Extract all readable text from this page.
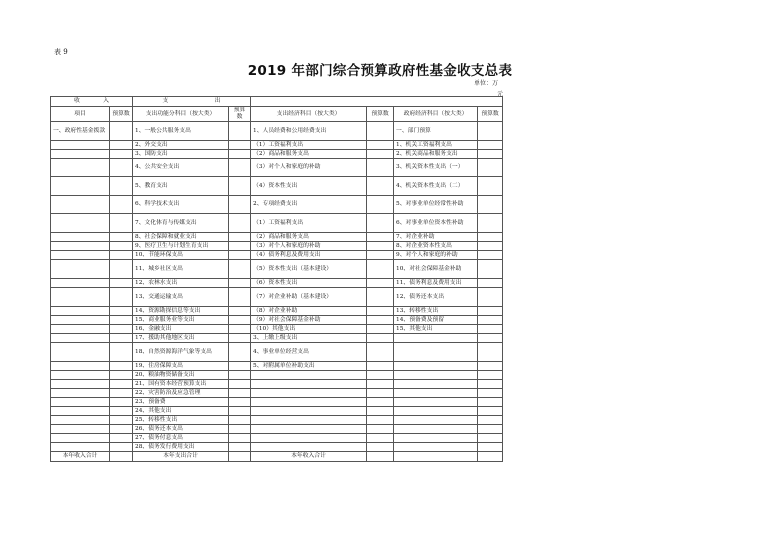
表 9
2019 年部门综合预算政府性基金收支总表
单位：万
元
收　　　　入		支　　　　　　　　出					
项目	预算数	支出功能分科目（按大类）	预算数	支出经济科目（按大类）	预算数	政府经济科目（按大类）	预算数
一、政府性基金拨款		1、一般公共服务支出		1、人员经费和公用经费支出		一、部门预算	
		2、外交支出		（1）工资福利支出		1、机关工资福利支出	
		3、国防支出		（2）商品和服务支出		2、机关商品和服务支出	
		4、公共安全支出		（3）对个人和家庭的补助		3、机关资本性支出（一）	
		5、教育支出		（4）资本性支出		4、机关资本性支出（二）	
		6、科学技术支出		2、专项经费支出		5、对事业单位经常性补助	
		7、文化体育与传媒支出		（1）工资福利支出		6、对事业单位资本性补助	
		8、社会保障和就业支出		（2）商品和服务支出		7、对企业补助	
		9、医疗卫生与计划生育支出		（3）对个人和家庭的补助		8、对企业资本性支出	
		10、节能环保支出		（4）债务利息及费用支出		9、对个人和家庭的补助	
		11、城乡社区支出		（5）资本性支出（基本建设）		10、对社会保障基金补助	
		12、农林水支出		（6）资本性支出		11、债务利息及费用支出	
		13、交通运输支出		（7）对企业补助（基本建设）		12、债务还本支出	
		14、资源勘探信息等支出		（8）对企业补助		13、转移性支出	
		15、商业服务业等支出		（9）对社会保障基金补助		14、预备费及预留	
		16、金融支出		（10）其他支出		15、其他支出	
		17、援助其他地区支出		3、上缴上级支出			
		18、自然资源海洋气象等支出		4、事业单位经营支出			
		19、住房保障支出		5、对附属单位补助支出			
		20、粮油物资储备支出					
		21、国有资本经营预算支出					
		22、灾害防治及应急管理					
		23、预备费					
		24、其他支出					
		25、转移性支出					
		26、债务还本支出					
		27、债务付息支出					
		28、债务发行费用支出					
本年收入合计		本年支出合计		本年收入合计			
